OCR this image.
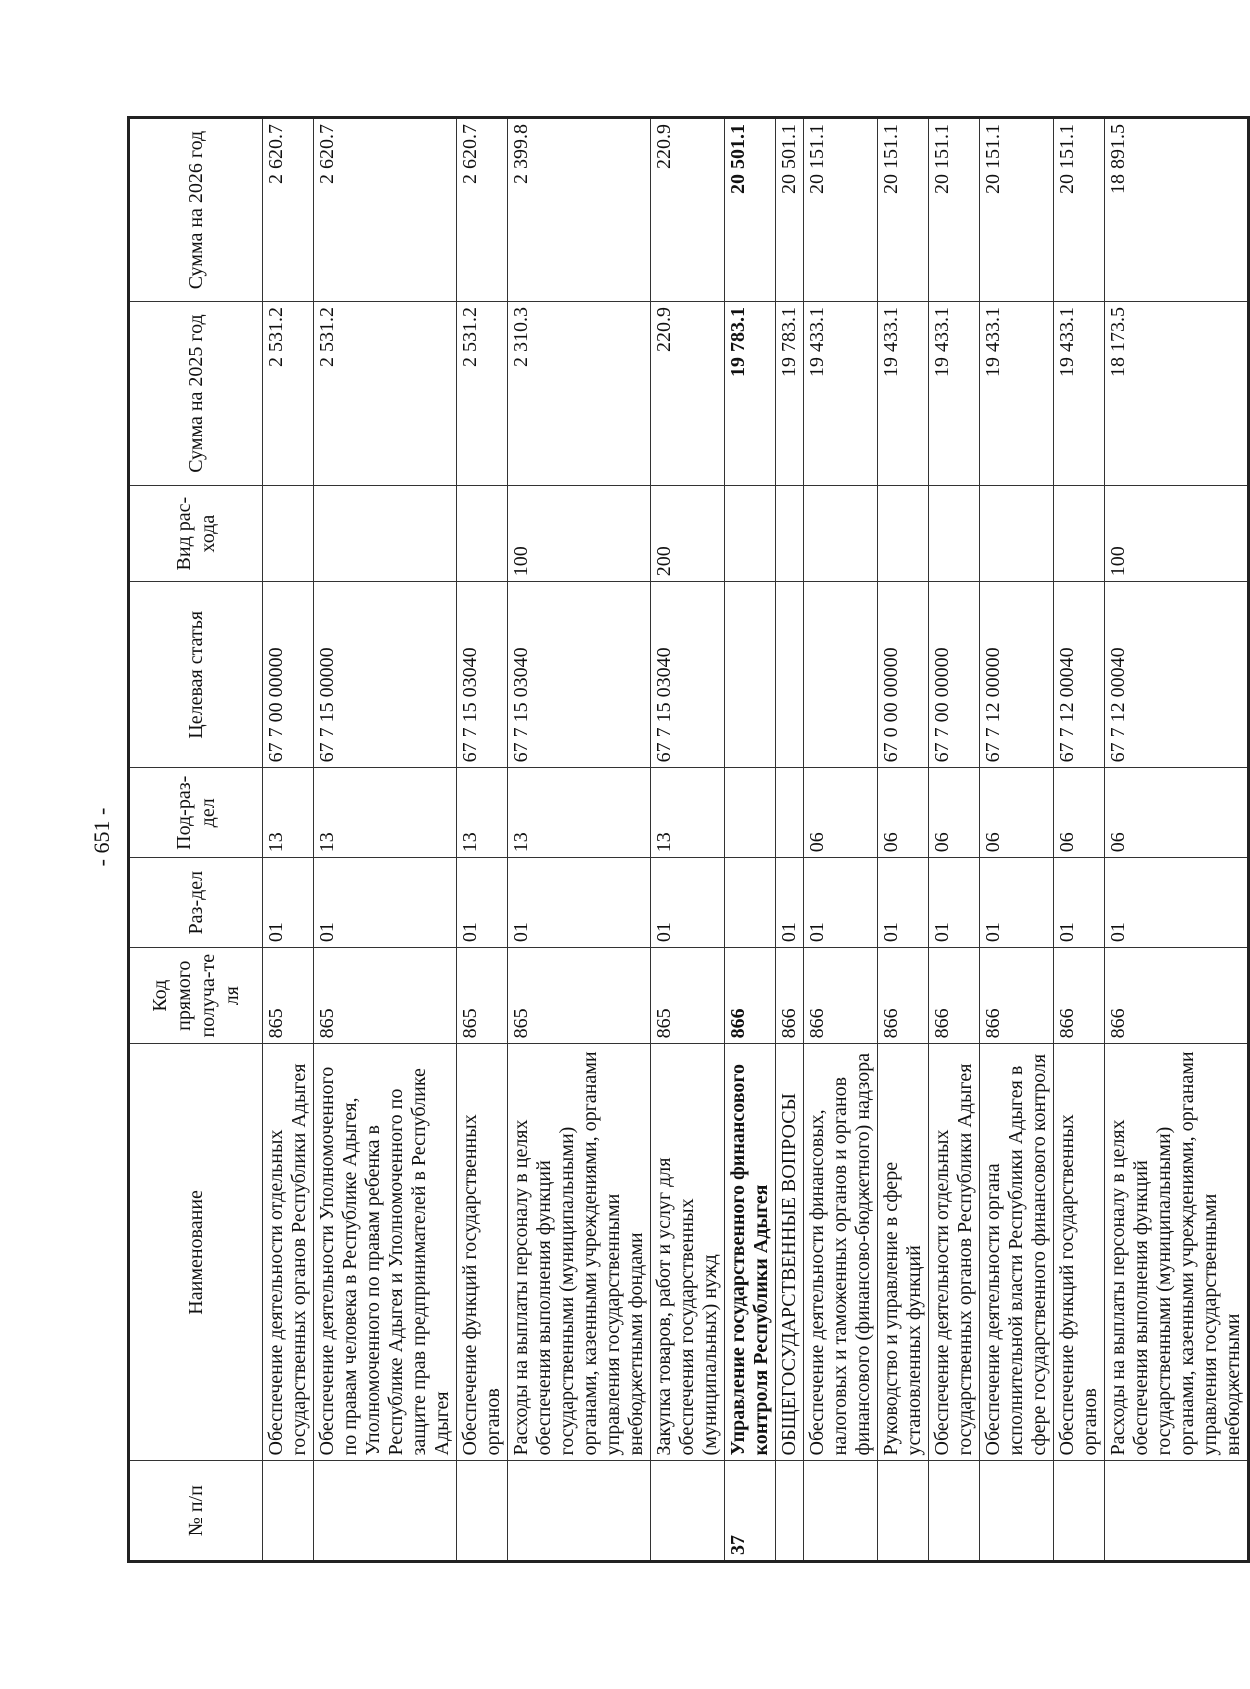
- 651 -
№ п/п	Наименование	Код прямого получа-те ля	Раз-дел	Под-раз-дел	Целевая статья	Вид рас-хода	Сумма на 2025 год	Сумма на 2026 год
	Обеспечение деятельности отдельных государственных органов Республики Адыгея	865	01	13	67 7 00 00000		2 531.2	2 620.7
	Обеспечение деятельности Уполномоченного по правам человека в Республике Адыгея, Уполномоченного по правам ребенка в Республике Адыгея и Уполномоченного по защите прав предпринимателей в Республике Адыгея	865	01	13	67 7 15 00000		2 531.2	2 620.7
	Обеспечение функций государственных органов	865	01	13	67 7 15 03040		2 531.2	2 620.7
	Расходы на выплаты персоналу в целях обеспечения выполнения функций государственными (муниципальными) органами, казенными учреждениями, органами управления государственными внебюджетными фондами	865	01	13	67 7 15 03040	100	2 310.3	2 399.8
	Закупка товаров, работ и услуг для обеспечения государственных (муниципальных) нужд	865	01	13	67 7 15 03040	200	220.9	220.9
37	Управление государственного финансового контроля Республики Адыгея	866					19 783.1	20 501.1
	ОБЩЕГОСУДАРСТВЕННЫЕ ВОПРОСЫ	866	01				19 783.1	20 501.1
	Обеспечение деятельности финансовых, налоговых и таможенных органов и органов финансового (финансово-бюджетного) надзора	866	01	06			19 433.1	20 151.1
	Руководство и управление в сфере установленных функций	866	01	06	67 0 00 00000		19 433.1	20 151.1
	Обеспечение деятельности отдельных государственных органов Республики Адыгея	866	01	06	67 7 00 00000		19 433.1	20 151.1
	Обеспечение деятельности органа исполнительной власти Республики Адыгея в сфере государственного финансового контроля	866	01	06	67 7 12 00000		19 433.1	20 151.1
	Обеспечение функций государственных органов	866	01	06	67 7 12 00040		19 433.1	20 151.1
	Расходы на выплаты персоналу в целях обеспечения выполнения функций государственными (муниципальными) органами, казенными учреждениями, органами управления государственными внебюджетными	866	01	06	67 7 12 00040	100	18 173.5	18 891.5
